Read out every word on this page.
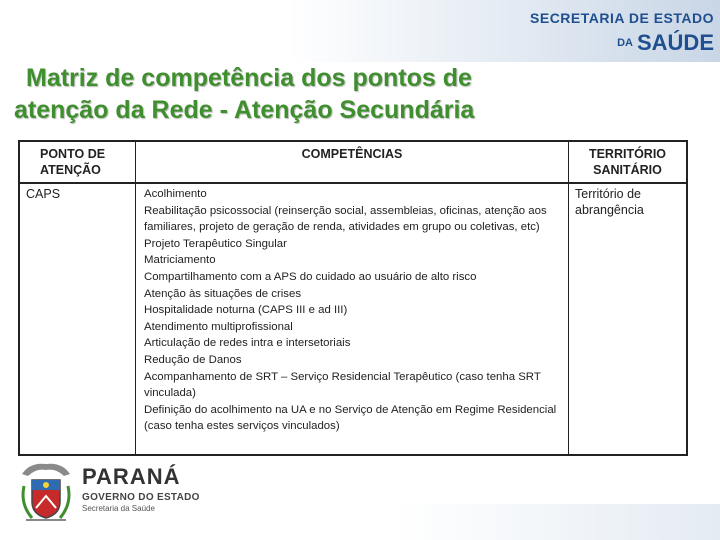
SECRETARIA DE ESTADO
DA SAÚDE
Matriz de competência dos pontos de
atenção da Rede - Atenção Secundária
PONTO DE
ATENÇÃO
COMPETÊNCIAS	TERRITÓRIO
SANITÁRIO
CAPS	Acolhimento
Reabilitação psicossocial (reinserção social, assembleias, oficinas, atenção aos familiares, projeto de geração de renda, atividades em grupo ou coletivas, etc)
Projeto Terapêutico Singular
Matriciamento
Compartilhamento com a APS do cuidado ao usuário de alto risco
Atenção às situações de crises
Hospitalidade noturna (CAPS III e ad III)
Atendimento multiprofissional
Articulação de redes intra e intersetoriais
Redução de Danos
Acompanhamento de SRT – Serviço Residencial Terapêutico (caso tenha SRT vinculada)
Definição do acolhimento na UA e no Serviço de Atenção em Regime Residencial (caso tenha estes serviços vinculados)
Território de
abrangência
PARANÁ
GOVERNO DO ESTADO
Secretaria da Saúde
